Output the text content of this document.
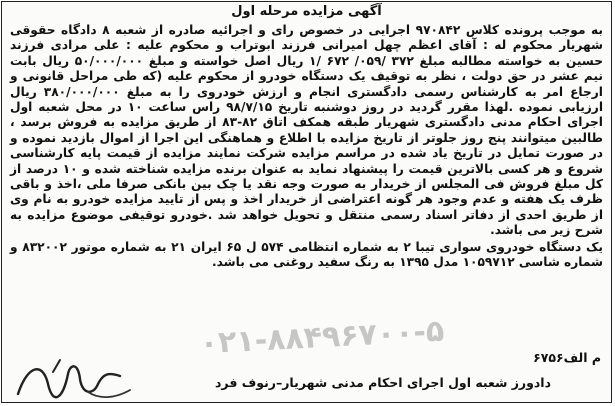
آگهی مزایده مرحله اول

به موجب پرونده کلاس ۹۷۰۸۴۲ اجرایی در خصوص رای و اجرائیه صادره از شعبه ۸ دادگاه حقوقی شهریار محکوم له : آقای اعظم چهل امیرانی فرزند ابوتراب و محکوم علیه : علی مرادی فرزند حسین به خواسته مطالبه مبلغ ۳۷۲ /۰۵۹/ ۶۷۲ /۱ ریال اصل خواسته و مبلغ ۵۰/۰۰۰/۰۰۰ ریال بابت نیم عشر در حق دولت ، نظر به توقیف یک دستگاه خودرو از محکوم علیه (که طی مراحل قانونی و ارجاع امر به کارشناس رسمی دادگستری انجام و ارزش خودروی را به مبلغ ۳۸۰/۰۰۰/۰۰۰ ریال ارزیابی نموده .لهذا مقرر گردید در روز دوشنبه تاریخ ۹۸/۷/۱۵ راس ساعت ۱۰ در محل شعبه اول اجرای احکام مدنی دادگستری شهریار طبقه همکف اتاق ۸۲-۸۳ از طریق مزایده به فروش برسد ، طالبین میتوانند پنج روز جلوتر از تاریخ مزایده با اطلاع و هماهنگی این اجرا از اموال بازدید نموده و در صورت تمایل در تاریخ یاد شده در مراسم مزایده شرکت نمایند مزایده از قیمت پایه کارشناسی شروع و هر کسی بالاترین قیمت را پیشنهاد نماید به عنوان برنده مزایده شناخته شده و ۱۰ درصد از کل مبلغ فروش فی المجلس از خریدار به صورت وجه نقد یا چک بین بانکی صرفا ملی ،اخذ و باقی ظرف یک هفته و عدم وجود هر گونه اعتراضی از خریدار اخذ و پس از تایید مزایده خودرو به نام وی از طریق احدی از دفاتر اسناد رسمی منتقل و تحویل خواهد شد .خودرو توقیفی موضوع مزایده به شرح زیر می باشد.

یک دستگاه خودروی سواری تیبا ۲ به شماره انتظامی ۵۷۴ ل ۶۵ ایران ۲۱ به شماره موتور ۸۳۲۰۰۲ و شماره شاسی ۱۰۵۹۷۱۲ مدل ۱۳۹۵ به رنگ سفید روغنی می باشد.

۰۲۱-۸۸۴۹۶۷۰۰-۵	م الف۶۷۵۶
دادورز شعبه اول اجرای احکام مدنی شهریار–رنوف فرد
